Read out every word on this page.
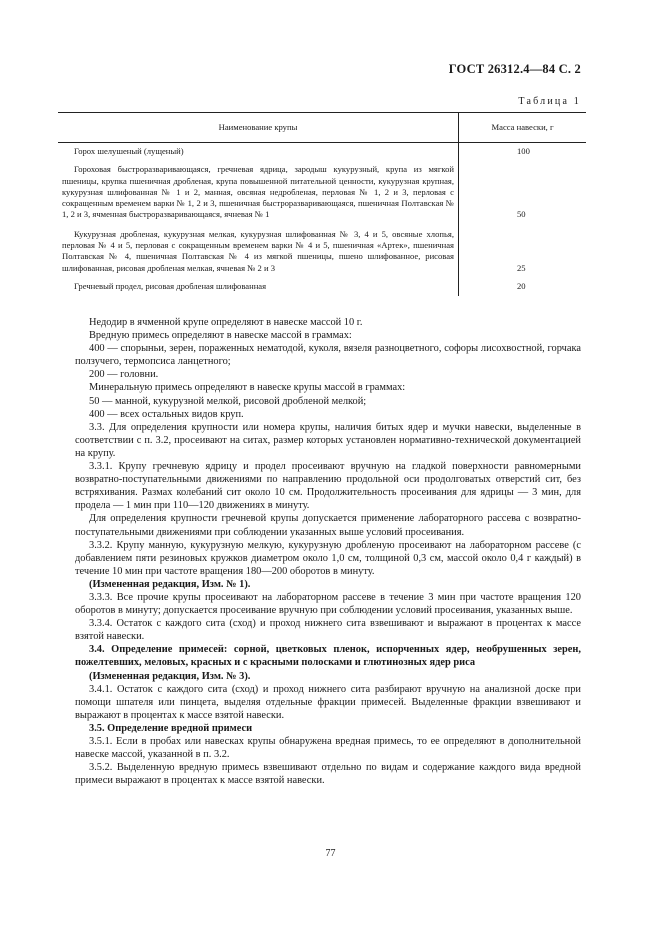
ГОСТ 26312.4—84 С. 2
Таблица 1
Наименование крупы	Масса навески, г

Горох шелушеный (лущеный)	100

Гороховая быстроразваривающаяся, гречневая ядрица, зародыш кукурузный, крупа из мягкой пшеницы, крупка пшеничная дробленая, крупа повышенной питательной ценности, кукурузная крупная, кукурузная шлифованная № 1 и 2, манная, овсяная недробленая, перловая № 1, 2 и 3, перловая с сокращенным временем варки № 1, 2 и 3, пшеничная быстроразваривающаяся, пшеничная Полтавская № 1, 2 и 3, ячменная быстроразваривающаяся, ячневая № 1	50

Кукурузная дробленая, кукурузная мелкая, кукурузная шлифованная № 3, 4 и 5, овсяные хлопья, перловая № 4 и 5, перловая с сокращенным временем варки № 4 и 5, пшеничная «Артек», пшеничная Полтавская № 4, пшеничная Полтавская № 4 из мягкой пшеницы, пшено шлифованное, рисовая шлифованная, рисовая дробленая мелкая, ячневая № 2 и 3	25

Гречневый продел, рисовая дробленая шлифованная	20

Недодир в ячменной крупе определяют в навеске массой 10 г.

Вредную примесь определяют в навеске массой в граммах:

400 — спорыньи, зерен, пораженных нематодой, куколя, вязеля разноцветного, софоры лисохвостной, горчака ползучего, термопсиса ланцетного;

200 — головни.

Минеральную примесь определяют в навеске крупы массой в граммах:

50 — манной, кукурузной мелкой, рисовой дробленой мелкой;

400 — всех остальных видов круп.

3.3. Для определения крупности или номера крупы, наличия битых ядер и мучки навески, выделенные в соответствии с п. 3.2, просеивают на ситах, размер которых установлен нормативно-технической документацией на крупу.

3.3.1. Крупу гречневую ядрицу и продел просеивают вручную на гладкой поверхности равномерными возвратно-поступательными движениями по направлению продольной оси продолговатых отверстий сит, без встряхивания. Размах колебаний сит около 10 см. Продолжительность просеивания для ядрицы — 3 мин, для продела — 1 мин при 110—120 движениях в минуту.

Для определения крупности гречневой крупы допускается применение лабораторного рассева с возвратно-поступательными движениями при соблюдении указанных выше условий просеивания.

3.3.2. Крупу манную, кукурузную мелкую, кукурузную дробленую просеивают на лабораторном рассеве (с добавлением пяти резиновых кружков диаметром около 1,0 см, толщиной 0,3 см, массой около 0,4 г каждый) в течение 10 мин при частоте вращения 180—200 оборотов в минуту.

(Измененная редакция, Изм. № 1).

3.3.3. Все прочие крупы просеивают на лабораторном рассеве в течение 3 мин при частоте вращения 120 оборотов в минуту; допускается просеивание вручную при соблюдении условий просеивания, указанных выше.

3.3.4. Остаток с каждого сита (сход) и проход нижнего сита взвешивают и выражают в процентах к массе взятой навески.

3.4. Определение примесей: сорной, цветковых пленок, испорченных ядер, необрушенных зерен, пожелтевших, меловых, красных и с красными полосками и глютинозных ядер риса

(Измененная редакция, Изм. № 3).

3.4.1. Остаток с каждого сита (сход) и проход нижнего сита разбирают вручную на анализной доске при помощи шпателя или пинцета, выделяя отдельные фракции примесей. Выделенные фракции взвешивают и выражают в процентах к массе взятой навески.

3.5. Определение вредной примеси

3.5.1. Если в пробах или навесках крупы обнаружена вредная примесь, то ее определяют в дополнительной навеске массой, указанной в п. 3.2.

3.5.2. Выделенную вредную примесь взвешивают отдельно по видам и содержание каждого вида вредной примеси выражают в процентах к массе взятой навески.

77
